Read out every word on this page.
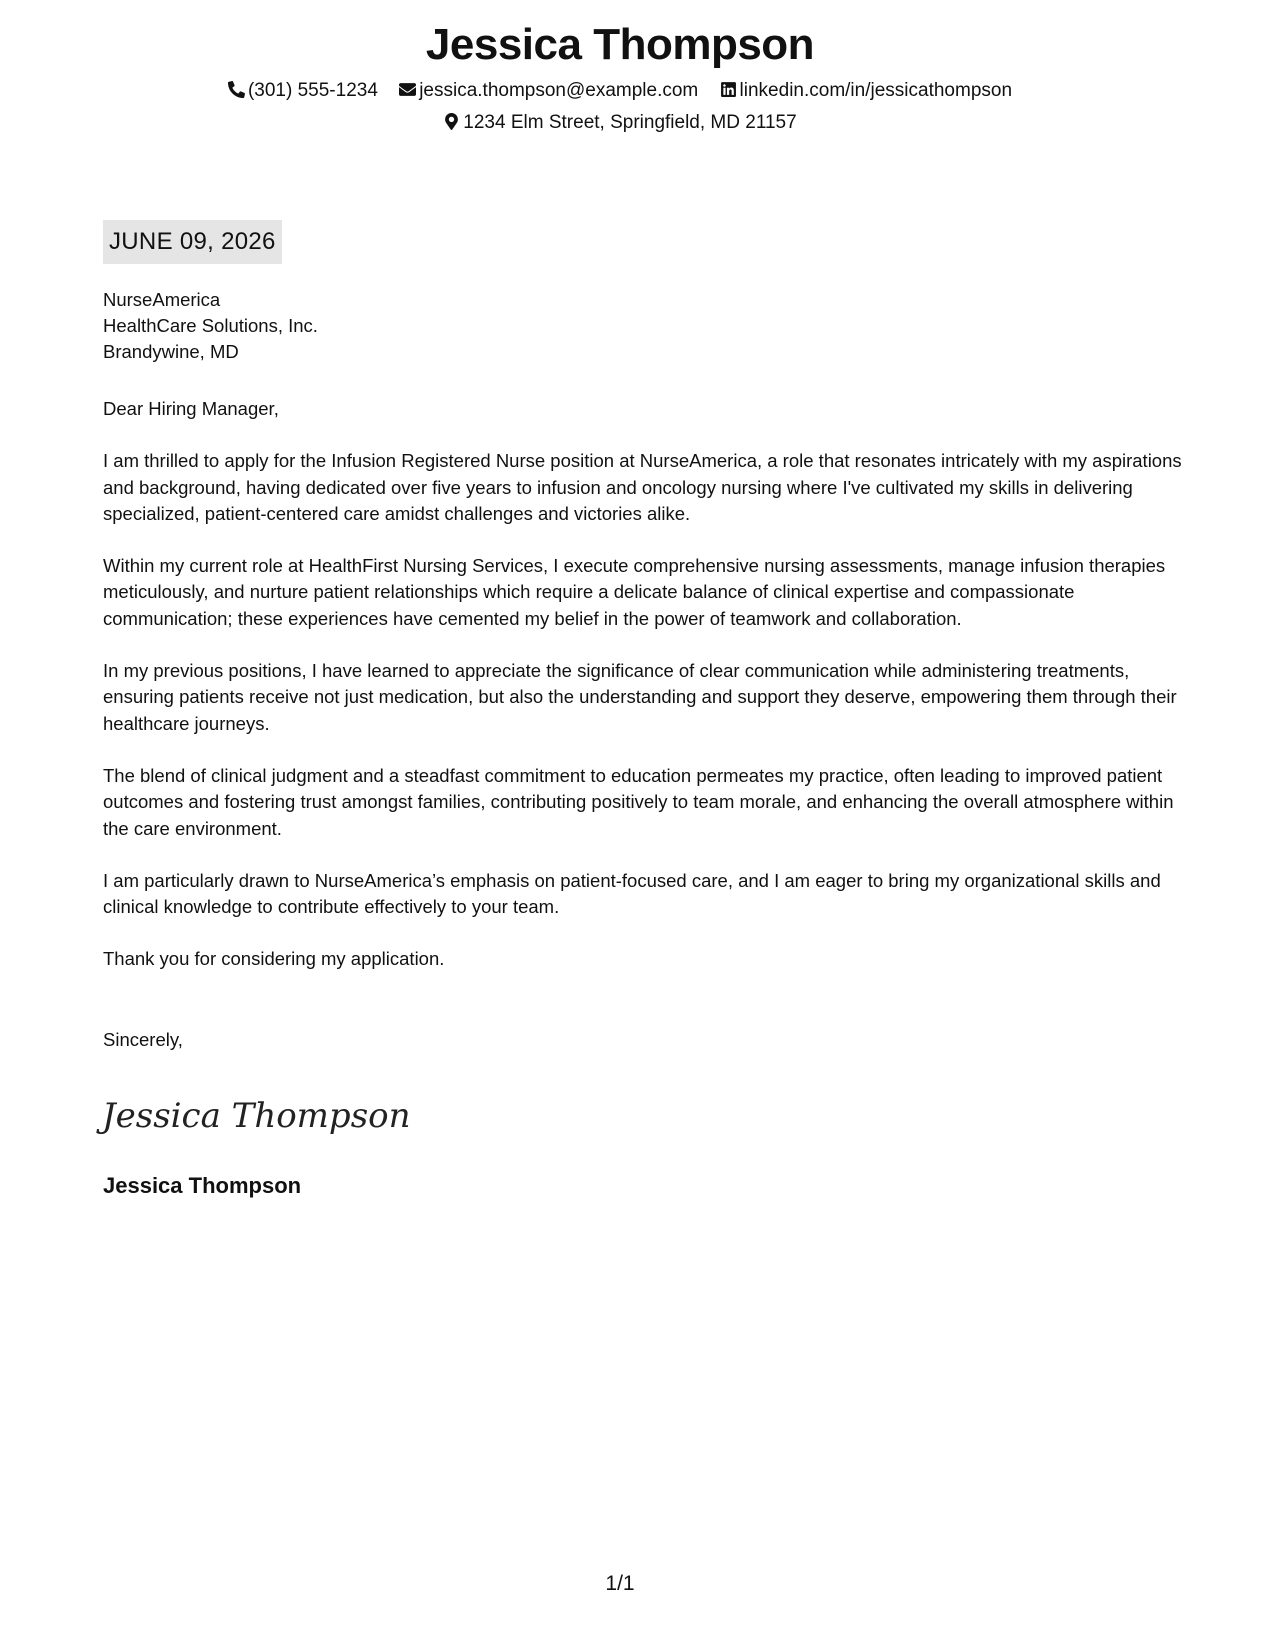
Jessica Thompson
(301) 555-1234 jessica.thompson@example.com linkedin.com/in/jessicathompson
1234 Elm Street, Springfield, MD 21157
JUNE 09, 2026
NurseAmerica
HealthCare Solutions, Inc.
Brandywine, MD

Dear Hiring Manager,

I am thrilled to apply for the Infusion Registered Nurse position at NurseAmerica, a role that resonates intricately with my aspirations and background, having dedicated over five years to infusion and oncology nursing where I've cultivated my skills in delivering specialized, patient-centered care amidst challenges and victories alike.

Within my current role at HealthFirst Nursing Services, I execute comprehensive nursing assessments, manage infusion therapies meticulously, and nurture patient relationships which require a delicate balance of clinical expertise and compassionate communication; these experiences have cemented my belief in the power of teamwork and collaboration.

In my previous positions, I have learned to appreciate the significance of clear communication while administering treatments, ensuring patients receive not just medication, but also the understanding and support they deserve, empowering them through their healthcare journeys.

The blend of clinical judgment and a steadfast commitment to education permeates my practice, often leading to improved patient outcomes and fostering trust amongst families, contributing positively to team morale, and enhancing the overall atmosphere within the care environment.

I am particularly drawn to NurseAmerica’s emphasis on patient-focused care, and I am eager to bring my organizational skills and clinical knowledge to contribute effectively to your team.

Thank you for considering my application.

Sincerely,
Jessica Thompson
Jessica Thompson
1/1
